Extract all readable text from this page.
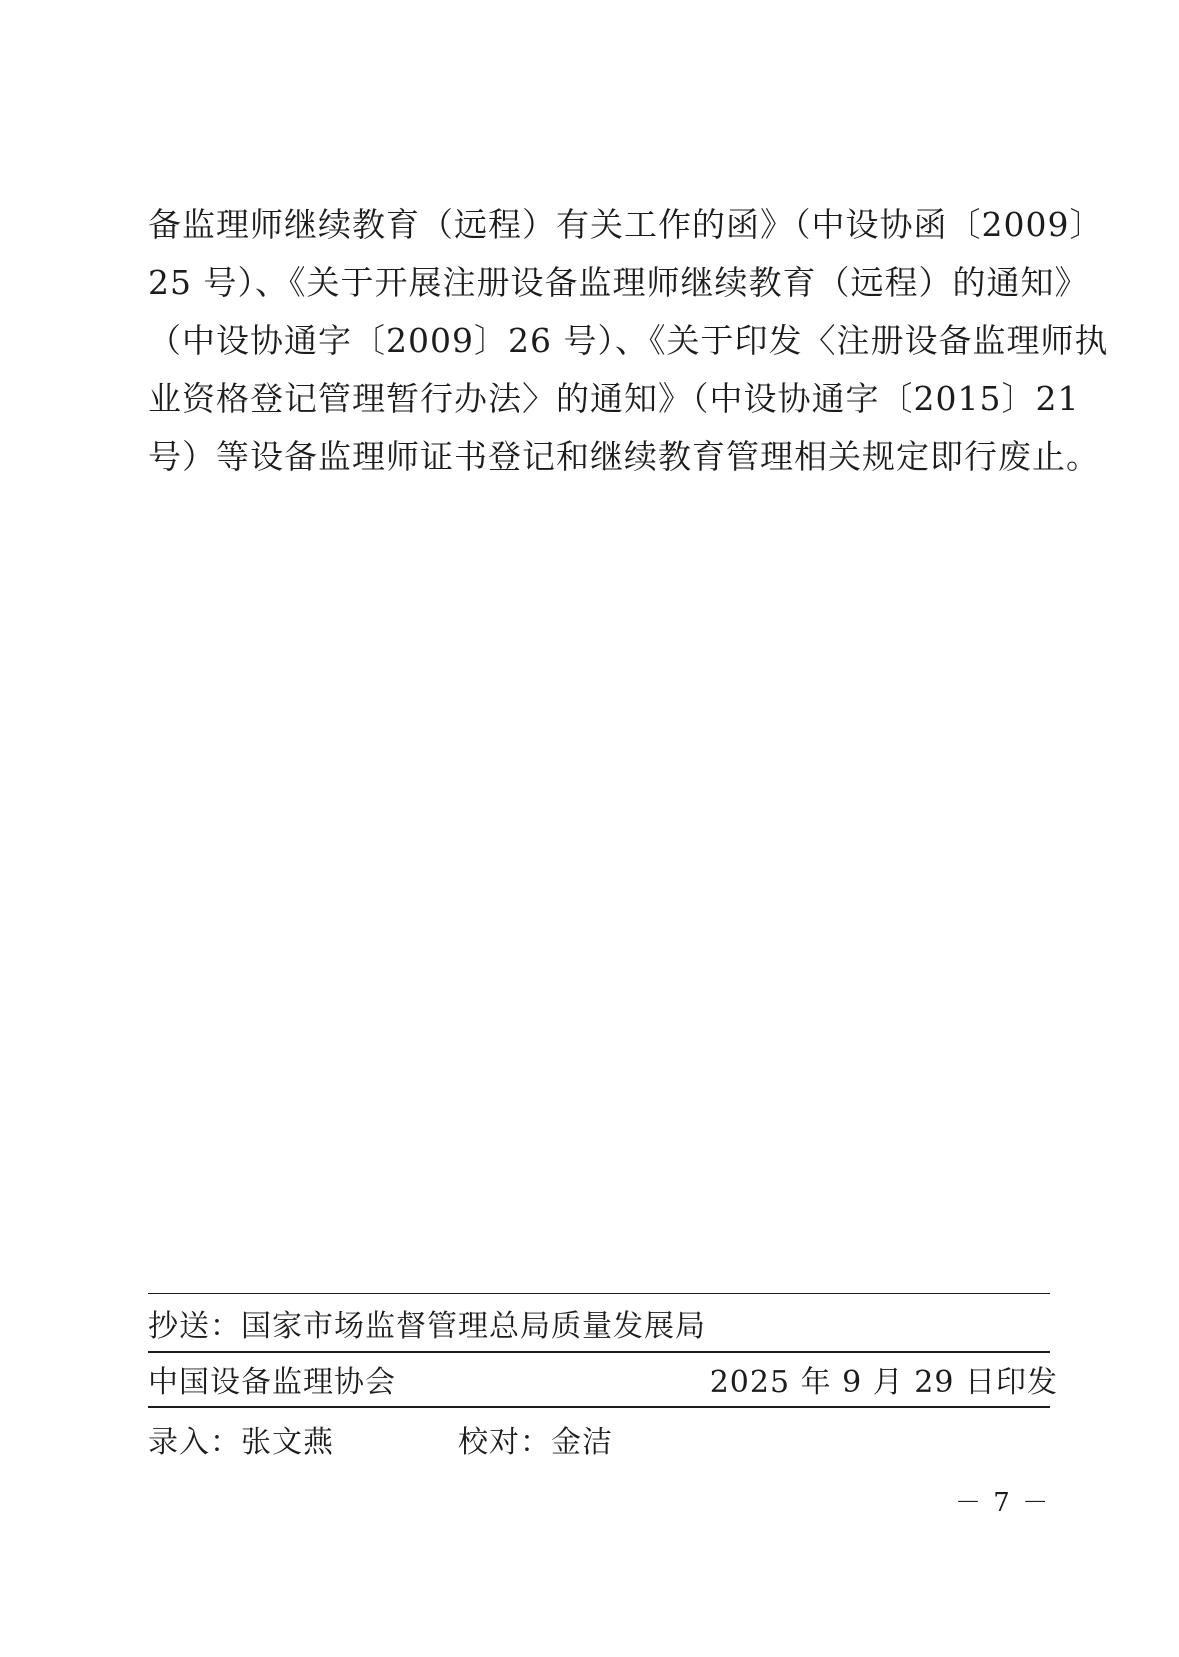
备监理师继续教育（远程）有关工作的函》（中设协函〔2009〕
25 号）、《关于开展注册设备监理师继续教育（远程）的通知》
（中设协通字〔2009〕26 号）、《关于印发〈注册设备监理师执
业资格登记管理暂行办法〉的通知》（中设协通字〔2015〕21
号）等设备监理师证书登记和继续教育管理相关规定即行废止。
抄送：国家市场监督管理总局质量发展局
中国设备监理协会	2025 年 9 月 29 日印发
录入：张文燕	校对：金洁
－ 7 －
